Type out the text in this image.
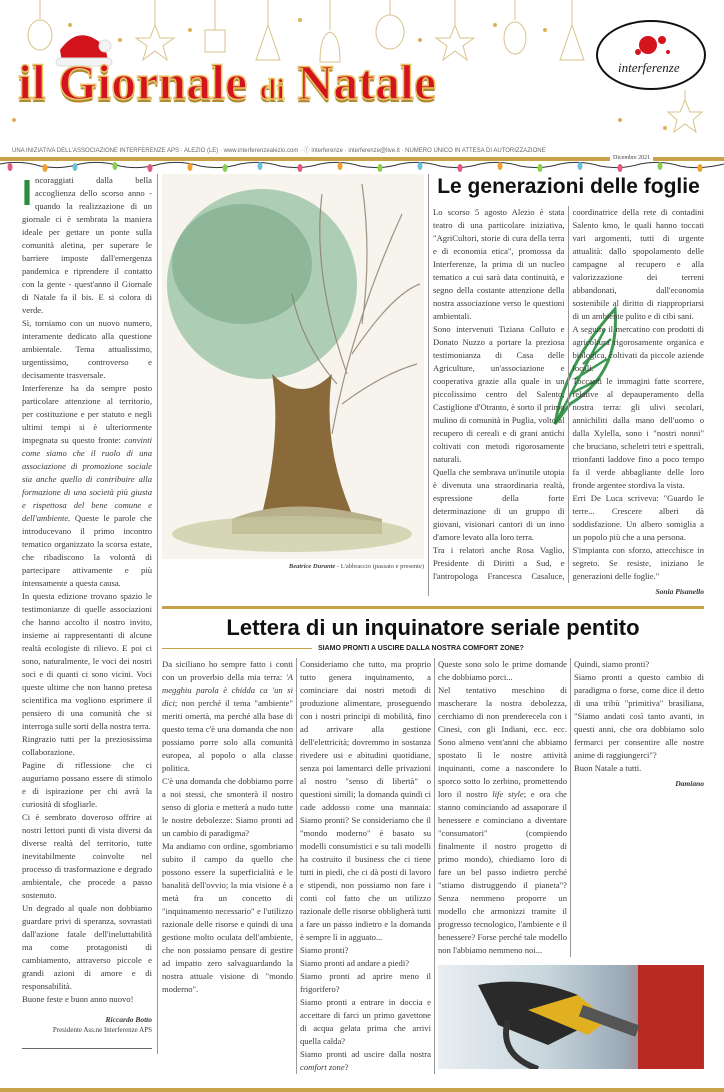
il Giornale di Natale	interferenze
UNA INIZIATIVA DELL'ASSOCIAZIONE INTERFERENZE APS · ALEZIO (LE) · www.interferenzealezio.com · ⓕ interferenze · interferenze@live.it · NUMERO UNICO IN ATTESA DI AUTORIZZAZIONE
Dicembre 2021

Incoraggiati dalla bella accoglienza dello scorso anno - quando la realizzazione di un giornale ci è sembrata la maniera ideale per gettare un ponte sulla comunità aletina, per superare le barriere imposte dall'emergenza pandemica e riprendere il contatto con la gente - quest'anno il Giornale di Natale fa il bis. E si colora di verde.

Sì, torniamo con un nuovo numero, interamente dedicato alla questione ambientale. Tema attualissimo, urgentissimo, controverso e decisamente trasversale.

Interferenze ha da sempre posto particolare attenzione al territorio, per costituzione e per statuto e negli ultimi tempi si è ulteriormente impegnata su questo fronte: convinti come siamo che il ruolo di una associazione di promozione sociale sia anche quello di contribuire alla formazione di una società più giusta e rispettosa del bene comune e dell'ambiente. Queste le parole che introducevano il primo incontro tematico organizzato la scorsa estate, che ribadiscono la volontà di partecipare attivamente e più intensamente a questa causa.

In questa edizione trovano spazio le testimonianze di quelle associazioni che hanno accolto il nostro invito, insieme ai rappresentanti di alcune realtà ecologiste di rilievo. E poi ci sono, naturalmente, le voci dei nostri soci e di quanti ci sono vicini. Voci queste ultime che non hanno pretesa scientifica ma vogliono esprimere il pensiero di una comunità che si interroga sulle sorti della nostra terra.

Ringrazio tutti per la preziosissima collaborazione.

Pagine di riflessione che ci auguriamo possano essere di stimolo e di ispirazione per chi avrà la curiosità di sfogliarle.

Ci è sembrato doveroso offrire ai nostri lettori punti di vista diversi da diverse realtà del territorio, tutte inevitabilmente coinvolte nel processo di trasformazione e degrado ambientale, che procede a passo sostenuto.

Un degrado al quale non dobbiamo guardare privi di speranza, sovrastati dall'azione fatale dell'ineluttabilità ma come protagonisti di cambiamento, attraverso piccole e grandi azioni di amore e di responsabilità.

Buone feste e buon anno nuovo!

Riccardo Botto

Presidente Ass.ne Interferenze APS

Beatrice Durante - L'abbraccio (passato e presente)
Le generazioni delle foglie

Lo scorso 5 agosto Alezio è stata teatro di una particolare iniziativa, "AgriCultori, storie di cura della terra e di economia etica", promossa da Interferenze, la prima di un nucleo tematico a cui sarà data continuità, e segno della costante attenzione della nostra associazione verso le questioni ambientali.

Sono intervenuti Tiziana Colluto e Donato Nuzzo a portare la preziosa testimonianza di Casa delle Agriculture, un'associazione e cooperativa grazie alla quale in un piccolissimo centro del Salento, Castiglione d'Otranto, è sorto il primo mulino di comunità in Puglia, volto al recupero di cereali e di grani antichi coltivati con metodi rigorosamente naturali.

Quella che sembrava un'inutile utopia è divenuta una straordinaria realtà, espressione della forte determinazione di un gruppo di giovani, visionari cantori di un inno d'amore levato alla loro terra.

Tra i relatori anche Rosa Vaglio, Presidente di Diritti a Sud, e l'antropologa Francesca Casaluce, coordinatrice della rete di contadini Salento kmo, le quali hanno toccati vari argomenti, tutti di urgente attualità: dallo spopolamento delle campagne al recupero e alla valorizzazione dei terreni abbandonati, dall'economia sostenibile al diritto di riappropriarsi di un ambiente pulito e di cibi sani.

A seguire il mercatino con prodotti di agricoltura rigorosamente organica e biologica, coltivati da piccole aziende locali.

Toccanti le immagini fatte scorrere, relative al depauperamento della nostra terra: gli ulivi secolari, annichiliti dalla mano dell'uomo o dalla Xylella, sono i "nostri nonni" che bruciano, scheletri tetri e spettrali, trionfanti laddove fino a poco tempo fa il verde abbagliante delle loro fronde argentee stordiva la vista.

Erri De Luca scriveva: "Guardo le terre... Crescere alberi dà soddisfazione. Un albero somiglia a un popolo più che a una persona.

S'impianta con sforzo, attecchisce in segreto. Se resiste, iniziano le generazioni delle foglie."

Sonia Pisanello
Lettera di un inquinatore seriale pentito
SIAMO PRONTI A USCIRE DALLA NOSTRA COMFORT ZONE?

Da siciliano ho sempre fatto i conti con un proverbio della mia terra: 'A megghiu parola è chidda ca 'un si dici; non perché il tema "ambiente" meriti omertà, ma perché alla base di questo tema c'è una domanda che non possiamo porre solo alla comunità europea, al popolo o alla classe politica.

C'è una domanda che dobbiamo porre a noi stessi, che smonterà il nostro senso di gloria e metterà a nudo tutte le nostre debolezze: Siamo pronti ad un cambio di paradigma?

Ma andiamo con ordine, sgombriamo subito il campo da quello che possono essere la superficialità e le banalità dell'ovvio; la mia visione è a metà fra un concetto di "inquinamento necessario" e l'utilizzo razionale delle risorse e quindi di una gestione molto oculata dell'ambiente, che non possiamo pensare di gestire ad impatto zero salvaguardando la nostra attuale visione di "mondo moderno".

Consideriamo che tutto, ma proprio tutto genera inquinamento, a cominciare dai nostri metodi di produzione alimentare, proseguendo con i nostri principi di mobilità, fino ad arrivare alla gestione dell'elettricità; dovremmo in sostanza rivedere usi e abitudini quotidiane, senza poi lamentarci delle privazioni al nostro "senso di libertà" o questioni simili; la domanda quindi ci cade addosso come una mannaia: Siamo pronti? Se consideriamo che il "mondo moderno" è basato su modelli consumistici e su tali modelli ha costruito il business che ci tiene tutti in piedi, che ci dà posti di lavoro e stipendi, non possiamo non fare i conti col fatto che un utilizzo razionale delle risorse obbligherà tutti a fare un passo indietro e la domanda è sempre lì in agguato...

Siamo pronti?

Siamo pronti ad andare a piedi?

Siamo pronti ad aprire meno il frigorifero?

Siamo pronti a entrare in doccia e accettare di farci un primo gavettone di acqua gelata prima che arrivi quella calda?

Siamo pronti ad uscire dalla nostra comfort zone?

Queste sono solo le prime domande che dobbiamo porci...

Nel tentativo meschino di mascherare la nostra debolezza, cerchiamo di non prenderecela con i Cinesi, con gli Indiani, ecc. ecc. Sono almeno vent'anni che abbiamo spostato lì le nostre attività inquinanti, come a nascondere lo sporco sotto lo zerbino, promettendo loro il nostro life style; e ora che stanno cominciando ad assaporare il benessere e cominciano a diventare "consumatori" (compiendo finalmente il nostro progetto di primo mondo), chiediamo loro di fare un bel passo indietro perché "stiamo distruggendo il pianeta"? Senza nemmeno proporre un modello che armonizzi tramite il progresso tecnologico, l'ambiente e il benessere? Forse perché tale modello non l'abbiamo nemmeno noi...

Quindi, siamo pronti?

Siamo pronti a questo cambio di paradigma o forse, come dice il detto di una tribù "primitiva" brasiliana, "Siamo andati così tanto avanti, in questi anni, che ora dobbiamo solo fermarci per consentire alle nostre anime di raggiungerci"?

Buon Natale a tutti.

Damiano
